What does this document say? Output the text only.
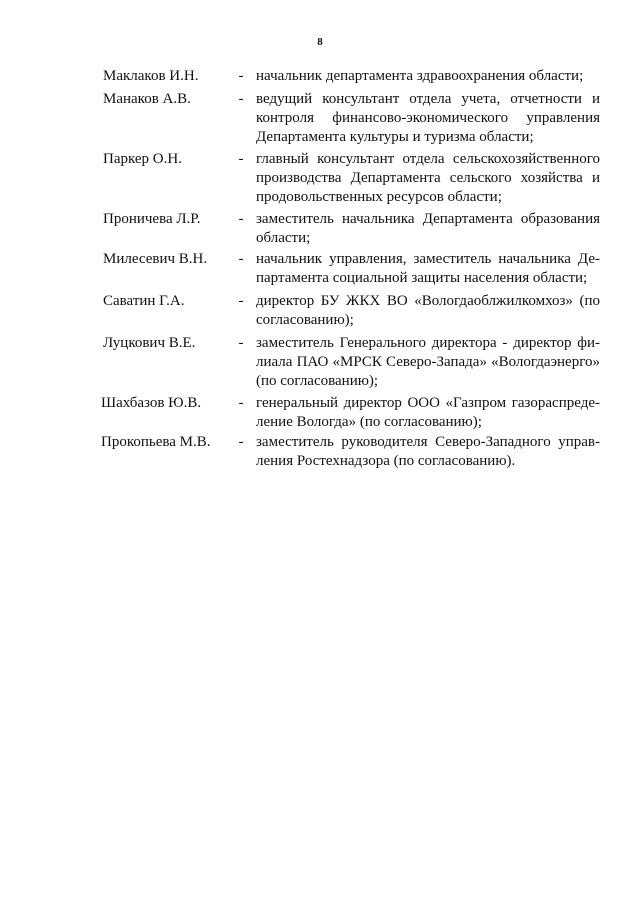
8
Маклаков И.Н.	- начальник департамента здравоохранения области;
Манаков А.В.	- ведущий консультант отдела учета, отчетности и
контроля финансово-экономического управления
Департамента культуры и туризма области;
Паркер О.Н.	- главный консультант отдела сельскохозяйственного
производства Департамента сельского хозяйства и
продовольственных ресурсов области;
Проничева Л.Р.	- заместитель начальника Департамента образования
области;
Милесевич В.Н. - начальник управления, заместитель начальника Де-
партамента социальной защиты населения области;
Саватин Г.А.	- директор БУ ЖКХ ВО «Вологдаоблжилкомхоз» (по
согласованию);
Луцкович В.Е.	- заместитель Генерального директора - директор фи-
лиала ПАО «МРСК Северо-Запада» «Вологдаэнерго»
(по согласованию);
Шахбазов Ю.В. - генеральный директор ООО «Газпром газораспреде-
ление Вологда» (по согласованию);
Прокопьева М.В. - заместитель руководителя Северо-Западного управ-
ления Ростехнадзора (по согласованию).
